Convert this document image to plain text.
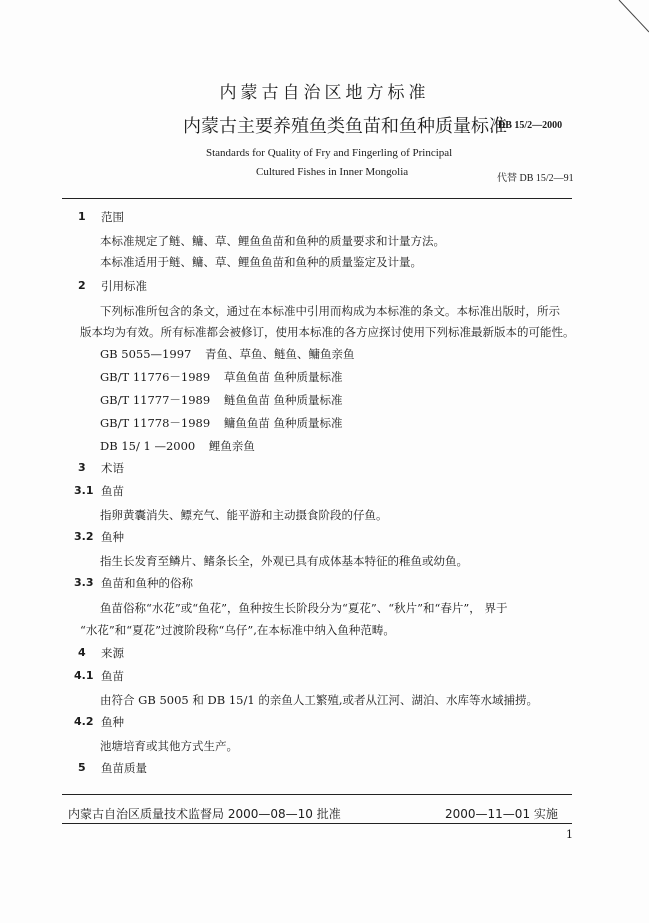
内蒙古自治区地方标准
内蒙古主要养殖鱼类鱼苗和鱼种质量标准
DB 15/2—2000
Standards for Quality of Fry and Fingerling of Principal
Cultured Fishes in Inner Mongolia
代替 DB 15/2—91
1 范围
本标准规定了鲢、鳙、草、鲤鱼鱼苗和鱼种的质量要求和计量方法。
本标准适用于鲢、鳙、草、鲤鱼鱼苗和鱼种的质量鉴定及计量。
2 引用标准
下列标准所包含的条文，通过在本标准中引用而构成为本标准的条文。本标准出版时，所示
版本均为有效。所有标准都会被修订，使用本标准的各方应探讨使用下列标准最新版本的可能性。
GB 5055—1997 青鱼、草鱼、鲢鱼、鳙鱼亲鱼
GB/T 11776－1989 草鱼鱼苗 鱼种质量标准
GB/T 11777－1989 鲢鱼鱼苗 鱼种质量标准
GB/T 11778－1989 鳙鱼鱼苗 鱼种质量标准
DB 15/ 1 —2000 鲤鱼亲鱼
3 术语
3.1 鱼苗
指卵黄囊消失、鳔充气、能平游和主动摄食阶段的仔鱼。
3.2 鱼种
指生长发育至鳞片、鳍条长全，外观已具有成体基本特征的稚鱼或幼鱼。
3.3 鱼苗和鱼种的俗称
鱼苗俗称“水花”或“鱼花”，鱼种按生长阶段分为“夏花”、“秋片”和“春片”， 界于
“水花”和“夏花”过渡阶段称“乌仔”,在本标准中纳入鱼种范畴。
4 来源
4.1 鱼苗
由符合 GB 5005 和 DB 15/1 的亲鱼人工繁殖,或者从江河、湖泊、水库等水域捕捞。
4.2 鱼种
池塘培育或其他方式生产。
5 鱼苗质量
内蒙古自治区质量技术监督局 2000—08—10 批准	2000—11—01 实施
1
